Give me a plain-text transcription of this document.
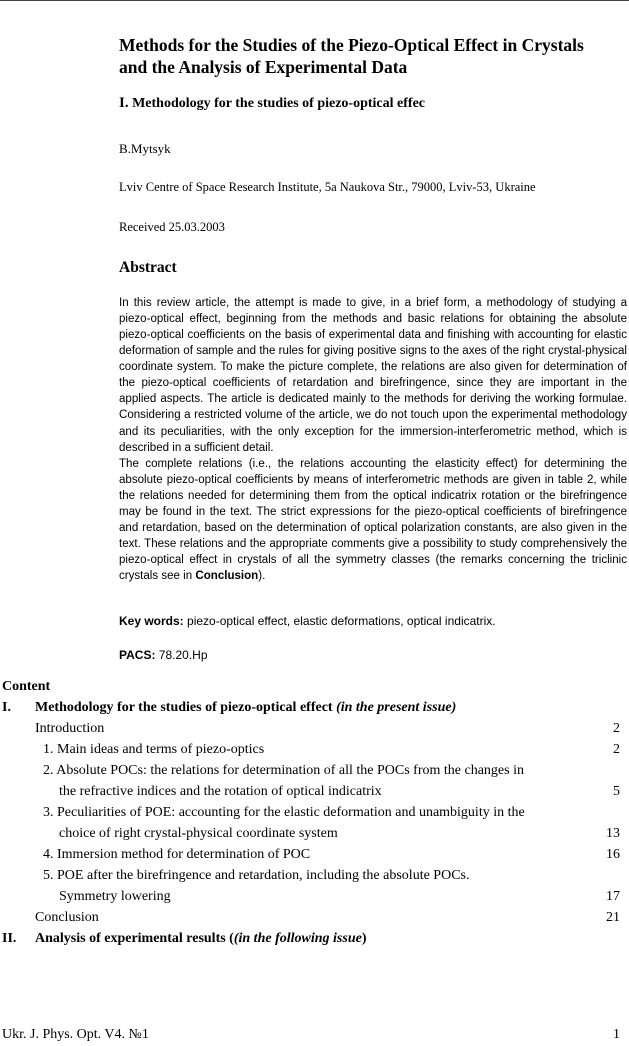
Methods for the Studies of the Piezo-Optical Effect in Crystals and the Analysis of Experimental Data
I. Methodology for the studies of piezo-optical effec
B.Mytsyk
Lviv Centre of Space Research Institute, 5a Naukova Str., 79000, Lviv-53, Ukraine
Received 25.03.2003
Abstract

In this review article, the attempt is made to give, in a brief form, a methodology of studying a piezo-optical effect, beginning from the methods and basic relations for obtaining the absolute piezo-optical coefficients on the basis of experimental data and finishing with accounting for elastic deformation of sample and the rules for giving positive signs to the axes of the right crystal-physical coordinate system. To make the picture complete, the relations are also given for determination of the piezo-optical coefficients of retardation and birefringence, since they are important in the applied aspects. The article is dedicated mainly to the methods for deriving the working formulae. Considering a restricted volume of the article, we do not touch upon the experimental methodology and its peculiarities, with the only exception for the immersion-interferometric method, which is described in a sufficient detail.

The complete relations (i.e., the relations accounting the elasticity effect) for determining the absolute piezo-optical coefficients by means of interferometric methods are given in table 2, while the relations needed for determining them from the optical indicatrix rotation or the birefringence may be found in the text. The strict expressions for the piezo-optical coefficients of birefringence and retardation, based on the determination of optical polarization constants, are also given in the text. These relations and the appropriate comments give a possibility to study comprehensively the piezo-optical effect in crystals of all the symmetry classes (the remarks concerning the triclinic crystals see in Conclusion).

Key words: piezo-optical effect, elastic deformations, optical indicatrix.
PACS: 78.20.Hp
Content
I. Methodology for the studies of piezo-optical effect (in the present issue)
Introduction	2
1. Main ideas and terms of piezo-optics	2
2. Absolute POCs: the relations for determination of all the POCs from the changes in
the refractive indices and the rotation of optical indicatrix	5
3. Peculiarities of POE: accounting for the elastic deformation and unambiguity in the
choice of right crystal-physical coordinate system	13
4. Immersion method for determination of POC	16
5. POE after the birefringence and retardation, including the absolute POCs.
Symmetry lowering	17
Conclusion	21
II. Analysis of experimental results ((in the following issue)
Ukr. J. Phys. Opt. V4. №1	1
